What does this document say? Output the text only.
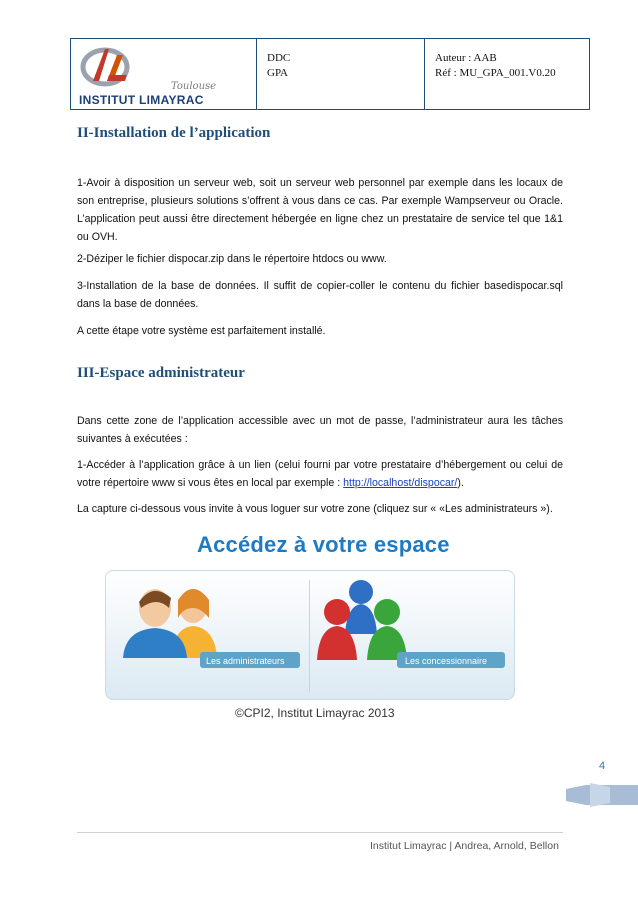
Toulouse
INSTITUT LIMAYRAC
DDC
GPA
Auteur : AAB
Réf : MU_GPA_001.V0.20
II-Installation de l’application

1-Avoir à disposition un serveur web, soit un serveur web personnel par exemple dans les locaux de son entreprise, plusieurs solutions s’offrent à vous dans ce cas. Par exemple Wampserveur ou Oracle. L’application peut aussi être directement hébergée en ligne chez un prestataire de service tel que 1&1 ou OVH.

2-Déziper le fichier dispocar.zip dans le répertoire htdocs ou www.

3-Installation de la base de données. Il suffit de copier-coller le contenu du fichier basedispocar.sql dans la base de données.

A cette étape votre système est parfaitement installé.

III-Espace administrateur

Dans cette zone de l’application accessible avec un mot de passe, l’administrateur aura les tâches suivantes à exécutées :

1-Accéder à l’application grâce à un lien (celui fourni par votre prestataire d’hébergement ou celui de votre répertoire www si vous êtes en local par exemple : http://localhost/dispocar/).

La capture ci-dessous vous invite à vous loguer sur votre zone (cliquez sur « «Les administrateurs »).

Accédez à votre espace
Les administrateurs	Les concessionnaire
©CPI2, Institut Limayrac 2013
4
Institut Limayrac | Andrea, Arnold, Bellon
